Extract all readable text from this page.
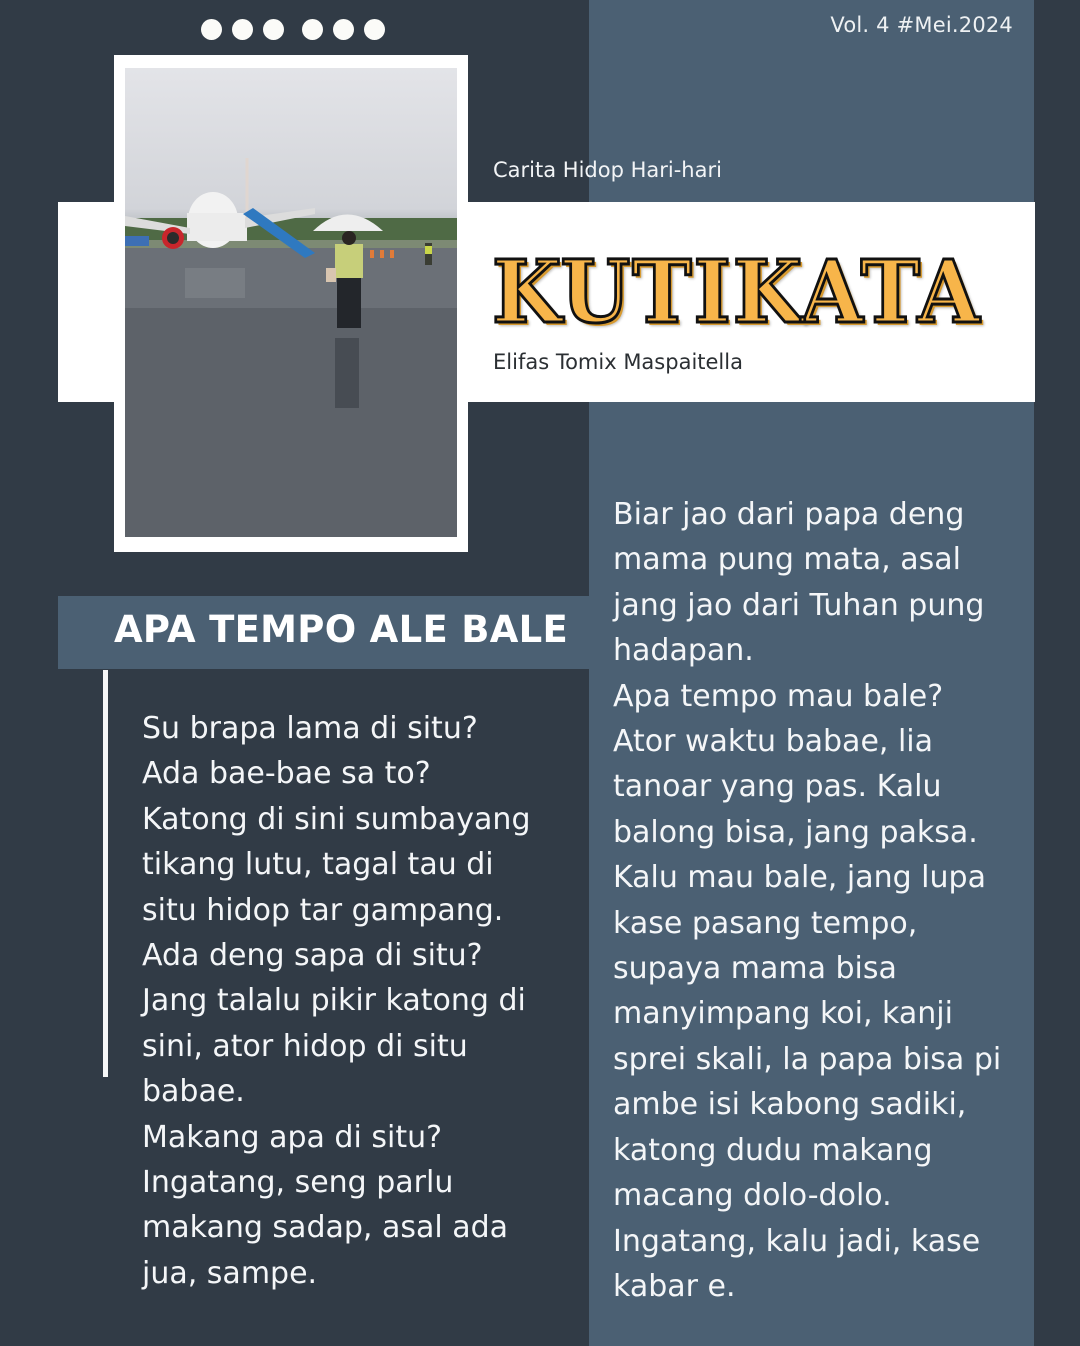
Vol. 4 #Mei.2024
Carita Hidop Hari-hari
KUTIKATA
Elifas Tomix Maspaitella
APA TEMPO ALE BALE
Su brapa lama di situ?
Ada bae-bae sa to?
Katong di sini sumbayang
tikang lutu, tagal tau di
situ hidop tar gampang.
Ada deng sapa di situ?
Jang talalu pikir katong di
sini, ator hidop di situ
babae.
Makang apa di situ?
Ingatang, seng parlu
makang sadap, asal ada
jua, sampe.
Biar jao dari papa deng
mama pung mata, asal
jang jao dari Tuhan pung
hadapan.
Apa tempo mau bale?
Ator waktu babae, lia
tanoar yang pas. Kalu
balong bisa, jang paksa.
Kalu mau bale, jang lupa
kase pasang tempo,
supaya mama bisa
manyimpang koi, kanji
sprei skali, la papa bisa pi
ambe isi kabong sadiki,
katong dudu makang
macang dolo-dolo.
Ingatang, kalu jadi, kase
kabar e.
